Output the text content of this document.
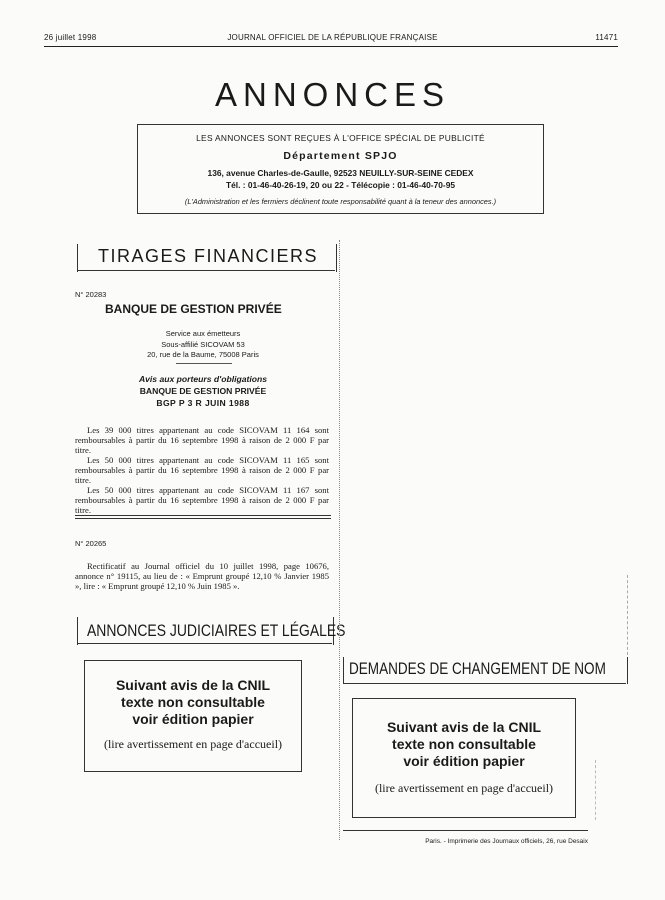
26 juillet 1998	JOURNAL OFFICIEL DE LA RÉPUBLIQUE FRANÇAISE	11471
ANNONCES
LES ANNONCES SONT REÇUES À L'OFFICE SPÉCIAL DE PUBLICITÉ
Département SPJO
136, avenue Charles-de-Gaulle, 92523 NEUILLY-SUR-SEINE CEDEX
Tél. : 01-46-40-26-19, 20 ou 22 - Télécopie : 01-46-40-70-95
(L'Administration et les fermiers déclinent toute responsabilité quant à la teneur des annonces.)
TIRAGES FINANCIERS
N° 20283
BANQUE DE GESTION PRIVÉE
Service aux émetteurs
Sous-affilié SICOVAM 53
20, rue de la Baume, 75008 Paris
Avis aux porteurs d'obligations
BANQUE DE GESTION PRIVÉE
BGP P 3 R JUIN 1988

Les 39 000 titres appartenant au code SICOVAM 11 164 sont remboursables à partir du 16 septembre 1998 à raison de 2 000 F par titre.

Les 50 000 titres appartenant au code SICOVAM 11 165 sont remboursables à partir du 16 septembre 1998 à raison de 2 000 F par titre.

Les 50 000 titres appartenant au code SICOVAM 11 167 sont remboursables à partir du 16 septembre 1998 à raison de 2 000 F par titre.

N° 20265

Rectificatif au Journal officiel du 10 juillet 1998, page 10676, annonce n° 19115, au lieu de : « Emprunt groupé 12,10 % Janvier 1985 », lire : « Emprunt groupé 12,10 % Juin 1985 ».

ANNONCES JUDICIAIRES ET LÉGALES
Suivant avis de la CNIL
texte non consultable
voir édition papier
(lire avertissement en page d'accueil)
DEMANDES DE CHANGEMENT DE NOM
Suivant avis de la CNIL
texte non consultable
voir édition papier
(lire avertissement en page d'accueil)
Paris. - Imprimerie des Journaux officiels, 26, rue Desaix
